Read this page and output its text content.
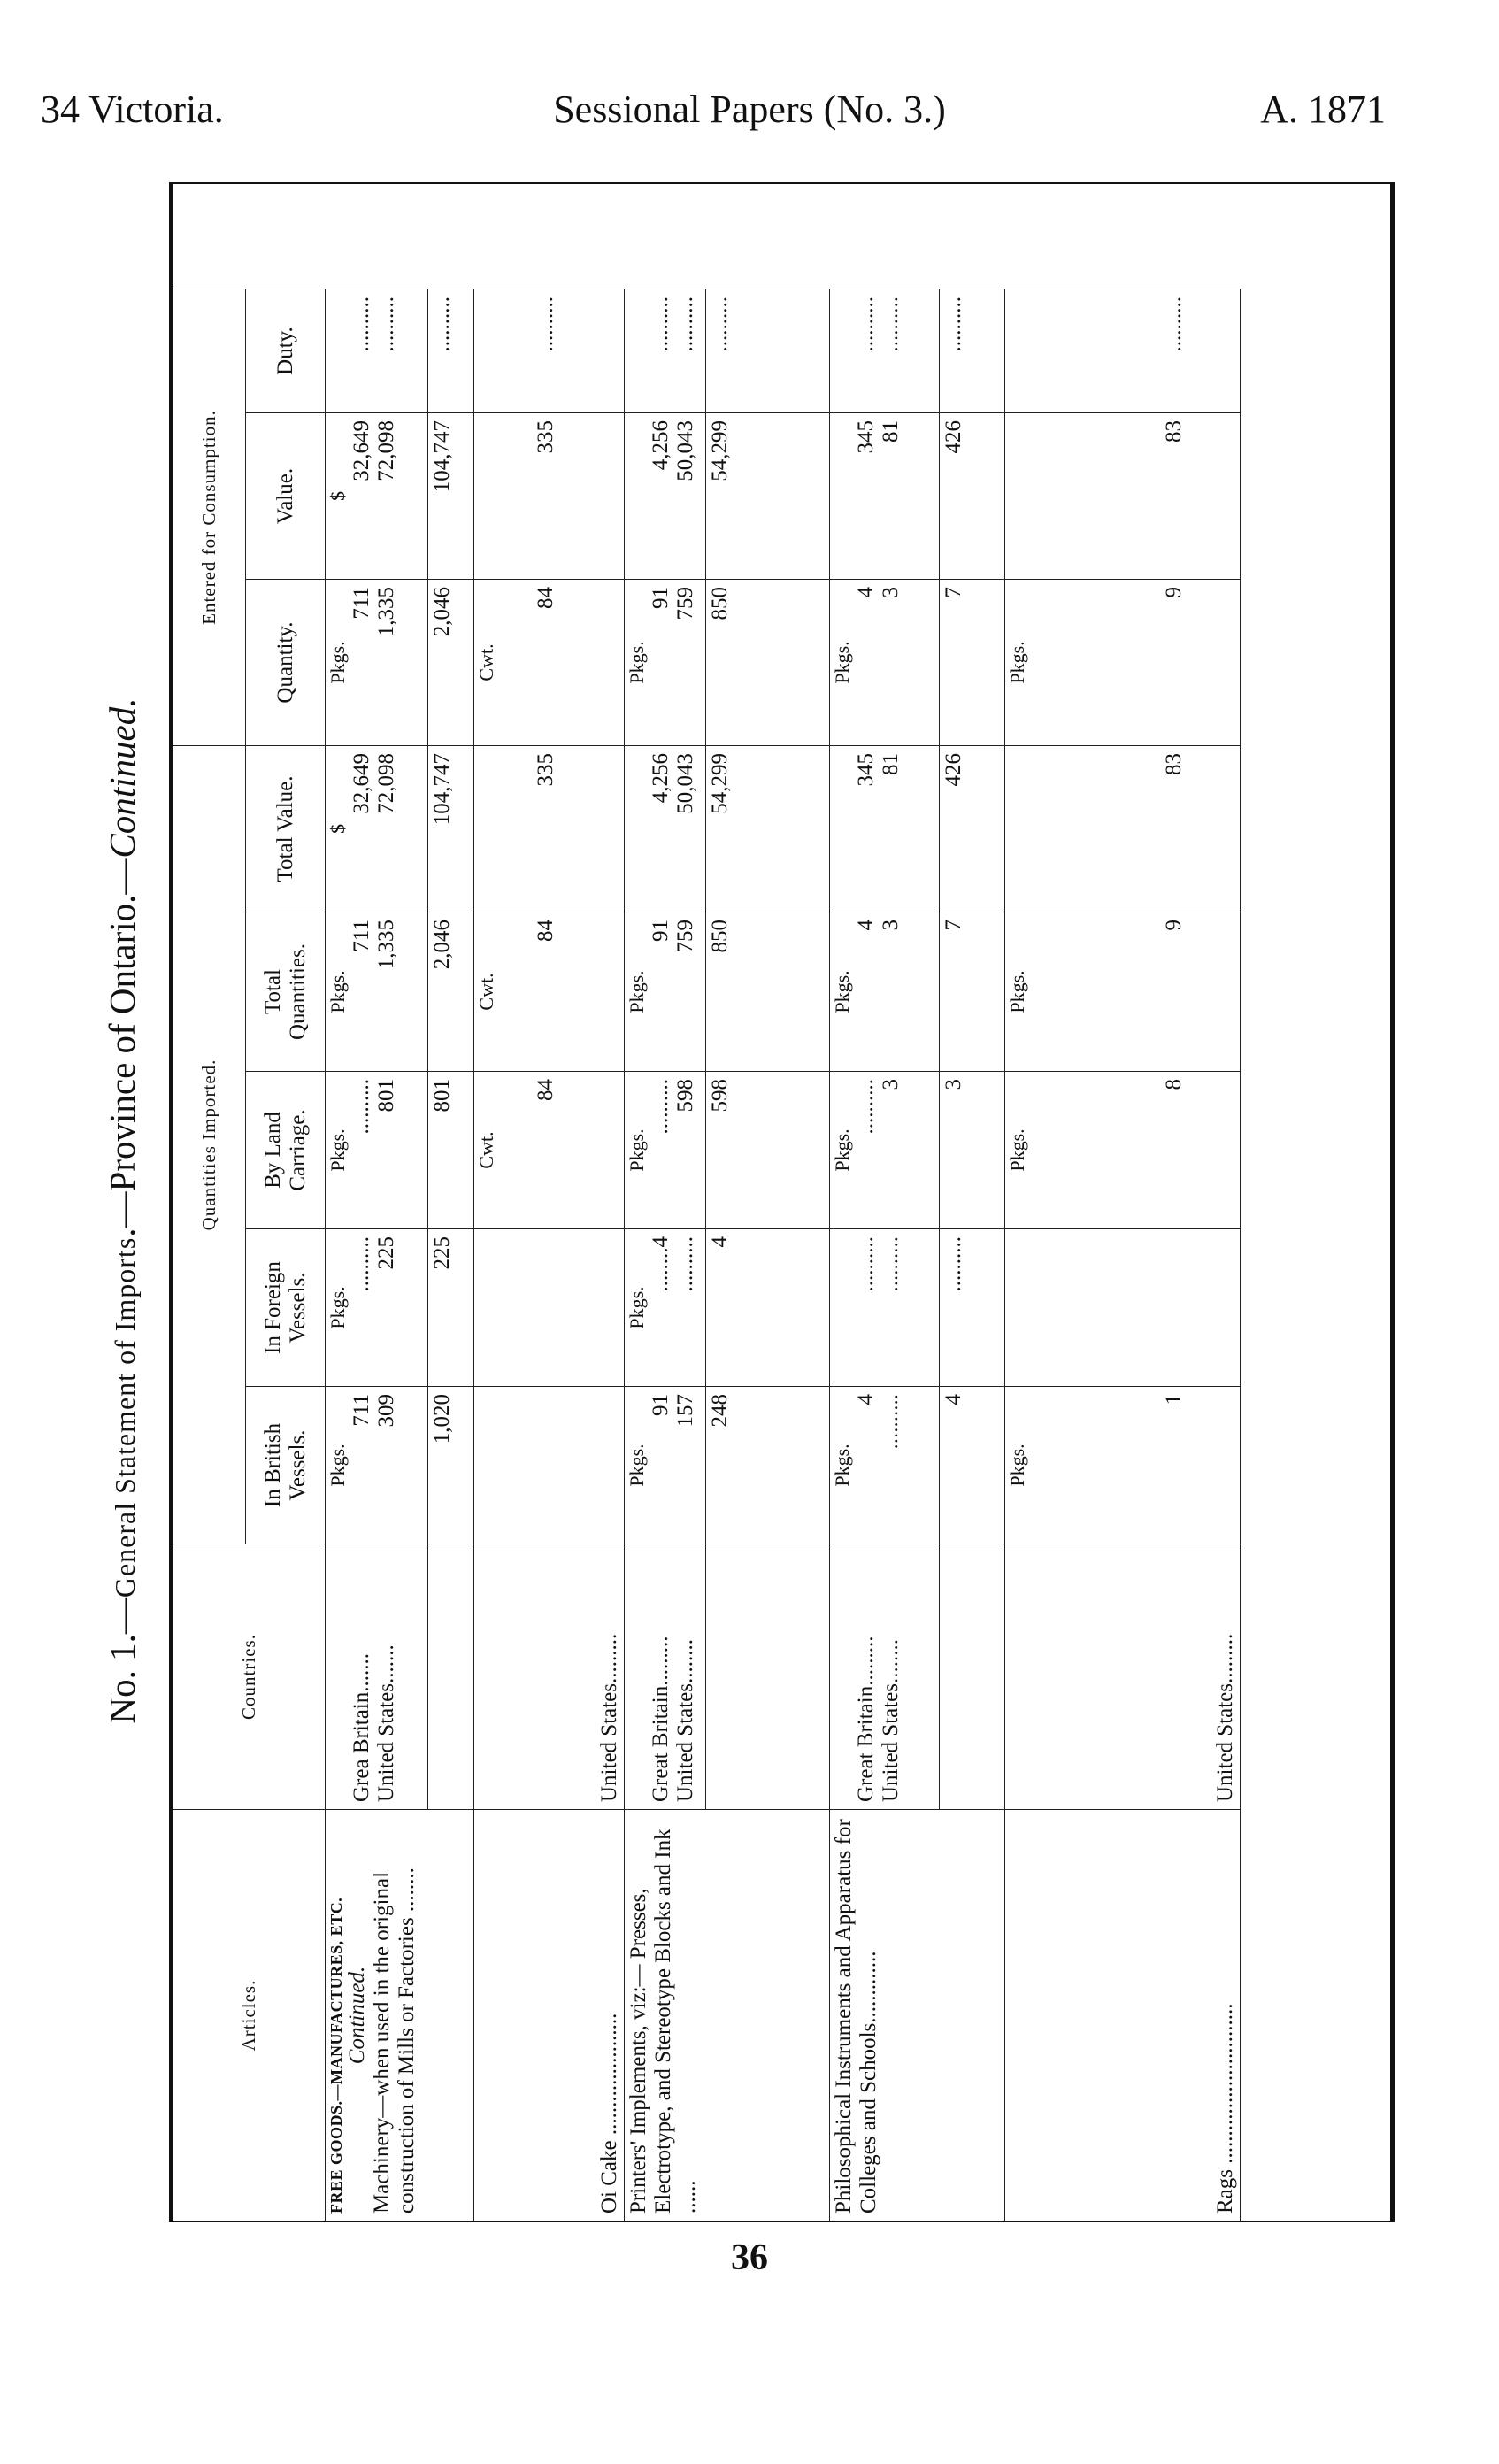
34 Victoria.	Sessional Papers (No. 3.)	A. 1871
No. 1.—General Statement of Imports.—Province of Ontario.—Continued.
Articles.
Countries.
Quantities Imported.
Entered for Consumption.
In British Vessels.
In Foreign Vessels.
By Land Carriage.
Total Quantities.
Total Value.
Quantity.
Value.
Duty.
FREE GOODS.—MANUFACTURES, ETC. Continued. Machinery—when used in the original construction of Mills or Factories ........
Grea Britain....... United States.......
Pkgs.
711 309
Pkgs.
.......... 225
Pkgs.
.......... 801
Pkgs.
711 1,335
$
32,649 72,098
Pkgs.
711 1,335
$
32,649 72,098
.......... ..........
1,020
225
801
2,046
104,747
2,046
104,747
..........
Oi Cake ......................
United States.........
Cwt.
84
Cwt.
84
335
Cwt.
84
335
..........
Printers' Implements, viz:— Presses, Electrotype, and Stereotype Blocks and Ink ......
Great Britain......... United States........
Pkgs.
91 157
Pkgs.
........4 ..........
Pkgs.
.......... 598
Pkgs.
91 759
4,256 50,043
Pkgs.
91 759
4,256 50,043
.......... ..........
248
4
598
850
54,299
850
54,299
..........
Philosophical Instruments and Apparatus for Colleges and Schools.............
Great Britain......... United States........
Pkgs.
4 ..........
.......... ..........
Pkgs.
.......... 3
Pkgs.
4 3
345 81
Pkgs.
4 3
345 81
.......... ..........
4
..........
3
7
426
7
426
..........
Rags .............................
United States.........
Pkgs.
1
Pkgs.
8
Pkgs.
9
83
Pkgs.
9
83
..........
36
